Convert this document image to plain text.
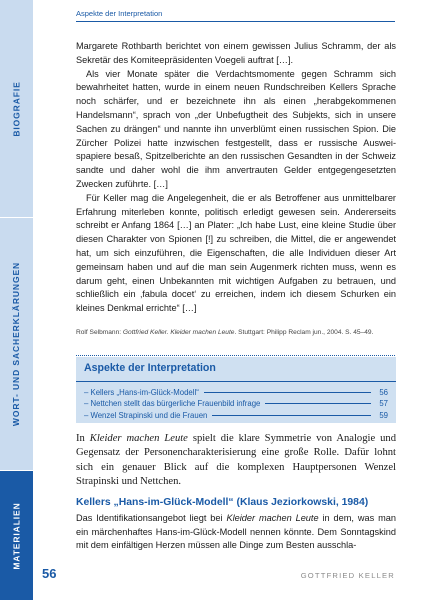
BIOGRAFIE
WORT- UND SACHERKLÄRUNGEN
MATERIALIEN
Aspekte der Interpretation

Margarete Rothbarth berichtet von einem gewissen Julius Schramm, der als Sekretär des Komiteepräsidenten Voegeli auftrat […].

Als vier Monate später die Verdachtsmomente gegen Schramm sich bewahrheitet hatten, wurde in einem neuen Rundschreiben Kellers Sprache noch schärfer, und er bezeichnete ihn als einen „herabgekommenen Handelsmann“, sprach von „der Unbefugtheit des Subjekts, sich in unsere Sachen zu drängen“ und nannte ihn unverblümt einen russischen Spion. Die Zürcher Polizei hatte inzwischen festgestellt, dass er russische Ausweispapiere besaß, Spitzelberichte an den russischen Gesandten in der Schweiz sandte und daher wohl die ihm anvertrauten Gelder entgegengesetzten Zwecken zuführte. […]

Für Keller mag die Angelegenheit, die er als Betroffener aus unmittelbarer Erfahrung miterleben konnte, politisch erledigt gewesen sein. Andererseits schreibt er Anfang 1864 […] an Plater: „Ich habe Lust, eine kleine Studie über diesen Charakter von Spionen [!] zu schreiben, die Mittel, die er angewendet hat, um sich einzuführen, die Eigenschaften, die alle Individuen dieser Art gemeinsam haben und auf die man sein Augenmerk richten muss, wenn es darum geht, einen Unbekannten mit wichtigen Aufgaben zu betrauen, und schließlich ein ‚fabula docet‘ zu erreichen, indem ich diesem Schurken ein kleines Denkmal errichte“ […]

Rolf Selbmann: Gottfried Keller. Kleider machen Leute. Stuttgart: Philipp Reclam jun., 2004. S. 45–49.
Aspekte der Interpretation
– Kellers „Hans-im-Glück-Modell“	56
– Nettchen stellt das bürgerliche Frauenbild infrage	57
– Wenzel Strapinski und die Frauen	59

In Kleider machen Leute spielt die klare Symmetrie von Analogie und Gegensatz der Personencharakterisierung eine große Rolle. Dafür lohnt sich ein genauer Blick auf die komplexen Hauptpersonen Wenzel Strapinski und Nettchen.

Kellers „Hans-im-Glück-Modell“ (Klaus Jeziorkowski, 1984)

Das Identifikationsangebot liegt bei Kleider machen Leute in dem, was man ein märchenhaftes Hans-im-Glück-Modell nennen könnte. Dem Sonntagskind mit dem einfältigen Herzen müssen alle Dinge zum Besten ausschla-

56	GOTTFRIED KELLER
